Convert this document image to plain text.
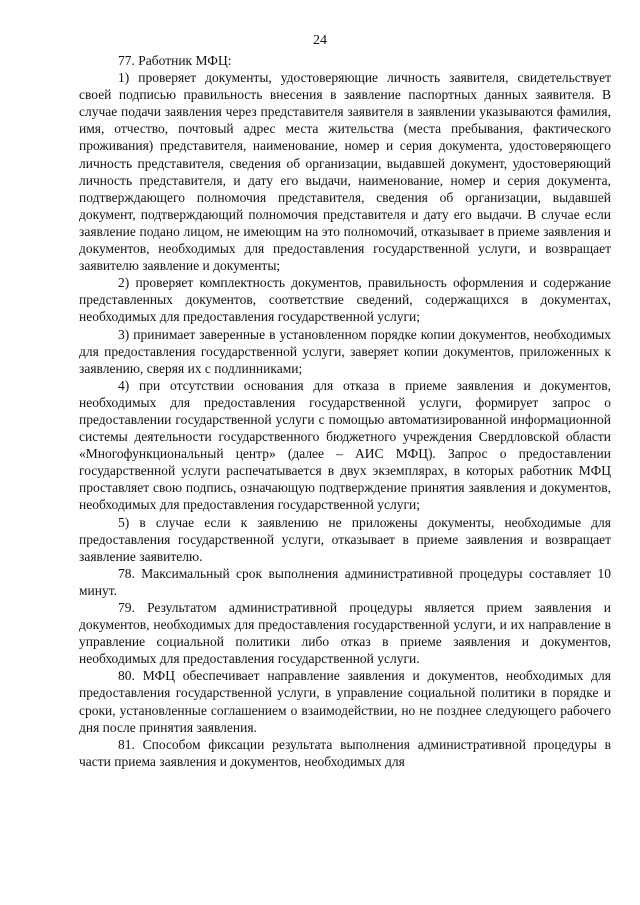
24

77. Работник МФЦ:

1) проверяет документы, удостоверяющие личность заявителя, свидетельствует своей подписью правильность внесения в заявление паспортных данных заявителя. В случае подачи заявления через представителя заявителя в заявлении указываются фамилия, имя, отчество, почтовый адрес места жительства (места пребывания, фактического проживания) представителя, наименование, номер и серия документа, удостоверяющего личность представителя, сведения об организации, выдавшей документ, удостоверяющий личность представителя, и дату его выдачи, наименование, номер и серия документа, подтверждающего полномочия представителя, сведения об организации, выдавшей документ, подтверждающий полномочия представителя и дату его выдачи. В случае если заявление подано лицом, не имеющим на это полномочий, отказывает в приеме заявления и документов, необходимых для предоставления государственной услуги, и возвращает заявителю заявление и документы;

2) проверяет комплектность документов, правильность оформления и содержание представленных документов, соответствие сведений, содержащихся в документах, необходимых для предоставления государственной услуги;

3) принимает заверенные в установленном порядке копии документов, необходимых для предоставления государственной услуги, заверяет копии документов, приложенных к заявлению, сверяя их с подлинниками;

4) при отсутствии основания для отказа в приеме заявления и документов, необходимых для предоставления государственной услуги, формирует запрос о предоставлении государственной услуги с помощью автоматизированной информационной системы деятельности государственного бюджетного учреждения Свердловской области «Многофункциональный центр» (далее – АИС МФЦ). Запрос о предоставлении государственной услуги распечатывается в двух экземплярах, в которых работник МФЦ проставляет свою подпись, означающую подтверждение принятия заявления и документов, необходимых для предоставления государственной услуги;

5) в случае если к заявлению не приложены документы, необходимые для предоставления государственной услуги, отказывает в приеме заявления и возвращает заявление заявителю.

78. Максимальный срок выполнения административной процедуры составляет 10 минут.

79. Результатом административной процедуры является прием заявления и документов, необходимых для предоставления государственной услуги, и их направление в управление социальной политики либо отказ в приеме заявления и документов, необходимых для предоставления государственной услуги.

80. МФЦ обеспечивает направление заявления и документов, необходимых для предоставления государственной услуги, в управление социальной политики в порядке и сроки, установленные соглашением о взаимодействии, но не позднее следующего рабочего дня после принятия заявления.

81. Способом фиксации результата выполнения административной процедуры в части приема заявления и документов, необходимых для
